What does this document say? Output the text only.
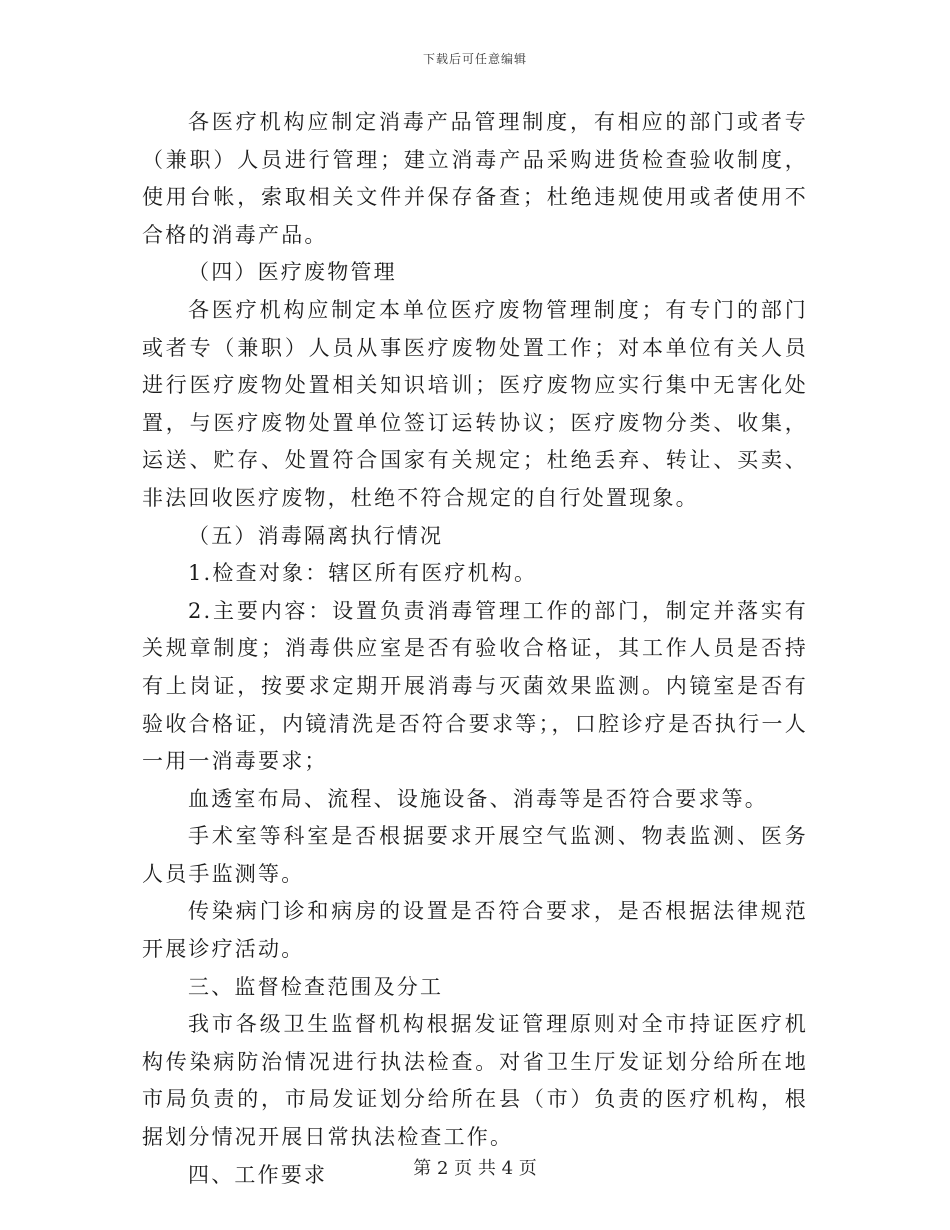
下载后可任意编辑

各医疗机构应制定消毒产品管理制度，有相应的部门或者专（兼职）人员进行管理；建立消毒产品采购进货检查验收制度，使用台帐，索取相关文件并保存备查；杜绝违规使用或者使用不合格的消毒产品。

（四）医疗废物管理

各医疗机构应制定本单位医疗废物管理制度；有专门的部门或者专（兼职）人员从事医疗废物处置工作；对本单位有关人员进行医疗废物处置相关知识培训；医疗废物应实行集中无害化处置，与医疗废物处置单位签订运转协议；医疗废物分类、收集，运送、贮存、处置符合国家有关规定；杜绝丢弃、转让、买卖、非法回收医疗废物，杜绝不符合规定的自行处置现象。

（五）消毒隔离执行情况

1.检查对象：辖区所有医疗机构。

2.主要内容：设置负责消毒管理工作的部门，制定并落实有关规章制度；消毒供应室是否有验收合格证，其工作人员是否持有上岗证，按要求定期开展消毒与灭菌效果监测。内镜室是否有验收合格证，内镜清洗是否符合要求等；，口腔诊疗是否执行一人一用一消毒要求；

血透室布局、流程、设施设备、消毒等是否符合要求等。

手术室等科室是否根据要求开展空气监测、物表监测、医务人员手监测等。

传染病门诊和病房的设置是否符合要求，是否根据法律规范开展诊疗活动。

三、监督检查范围及分工

我市各级卫生监督机构根据发证管理原则对全市持证医疗机构传染病防治情况进行执法检查。对省卫生厅发证划分给所在地市局负责的，市局发证划分给所在县（市）负责的医疗机构，根据划分情况开展日常执法检查工作。

四、工作要求	第 2 页 共 4 页
